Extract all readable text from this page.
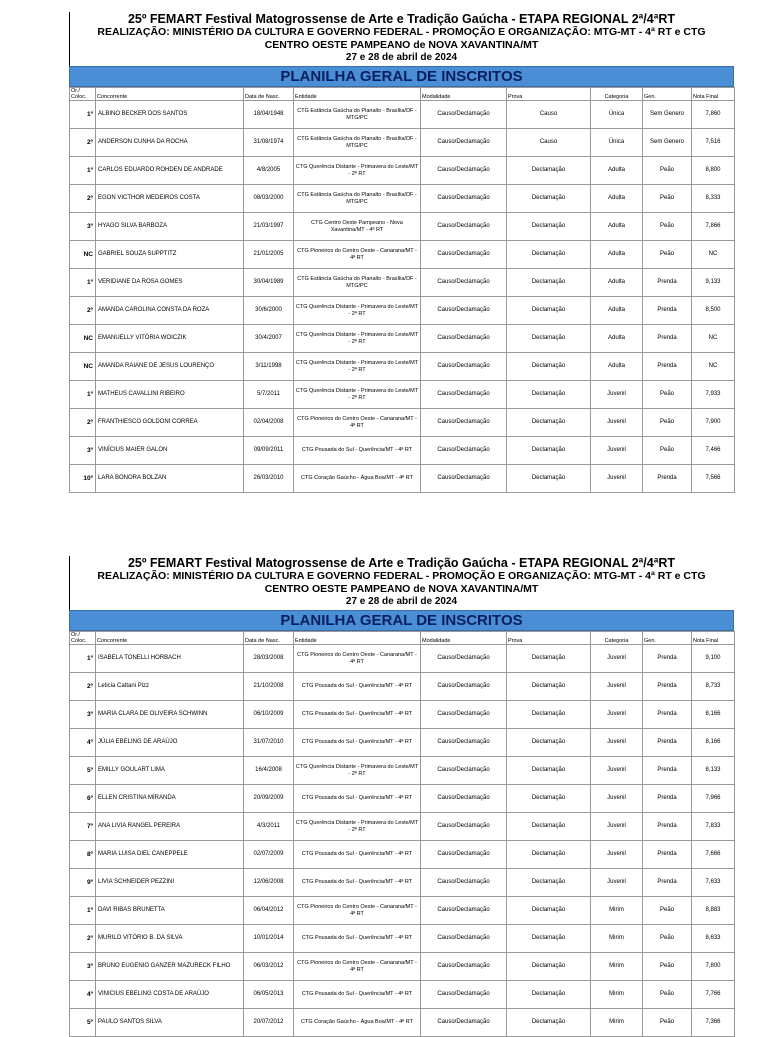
25º FEMART Festival Matogrossense de Arte e Tradição Gaúcha - ETAPA REGIONAL 2ª/4ªRT
REALIZAÇÃO: MINISTÉRIO DA CULTURA E GOVERNO FEDERAL - PROMOÇÃO E ORGANIZAÇÃO: MTG-MT - 4ª RT e CTG
CENTRO OESTE PAMPEANO de NOVA XAVANTINA/MT
27 e 28 de abril de 2024
PLANILHA GERAL DE INSCRITOS
Or./ Coloc.	Concorrente	Data de Nasc.	Entidade	Modalidade	Prova	Categoria	Gen.	Nota Final
1º	ALBINO BECKER DOS SANTOS	18/04/1948	CTG Estância Gaúcha do Planalto - Brasília/DF - MTG/PC	Causo/Declamação	Causo	Única	Sem Genero	7,860
2º	ANDERSON CUNHA DA ROCHA	31/08/1974	CTG Estância Gaúcha do Planalto - Brasília/DF - MTG/PC	Causo/Declamação	Causo	Única	Sem Genero	7,516
1º	CARLOS EDUARDO ROHDEN DE ANDRADE	4/8/2005	CTG Querência Distante - Primavera do Leste/MT - 2ª RT	Causo/Declamação	Declamação	Adulta	Peão	8,800
2º	EGON VICTHOR MEDEIROS COSTA	08/03/2000	CTG Estância Gaúcha do Planalto - Brasília/DF - MTG/PC	Causo/Declamação	Declamação	Adulta	Peão	8,333
3º	HYAGO SILVA BARBOZA	21/03/1997	CTG Centro Oeste Pampeano - Nova Xavantina/MT - 4ª RT	Causo/Declamação	Declamação	Adulta	Peão	7,866
NC	GABRIEL SOUZA SUPPTITZ	21/01/2005	CTG Pioneiros do Centro Oeste - Canarana/MT - 4ª RT	Causo/Declamação	Declamação	Adulta	Peão	NC
1º	VERIDIANE DA ROSA GOMES	30/04/1989	CTG Estância Gaúcha do Planalto - Brasília/DF - MTG/PC	Causo/Declamação	Declamação	Adulta	Prenda	9,133
2º	AMANDA CAROLINA CONSTA DA ROZA	30/6/2000	CTG Querência Distante - Primavera do Leste/MT - 2ª RT	Causo/Declamação	Declamação	Adulta	Prenda	8,500
NC	EMANUELLY VITÓRIA WOICZIK	30/4/2007	CTG Querência Distante - Primavera do Leste/MT - 2ª RT	Causo/Declamação	Declamação	Adulta	Prenda	NC
NC	AMANDA RAIANE DE JESUS LOURENÇO	3/11/1998	CTG Querência Distante - Primavera do Leste/MT - 2ª RT	Causo/Declamação	Declamação	Adulta	Prenda	NC
1º	MATHEUS CAVALLINI RIBEIRO	5/7/2011	CTG Querência Distante - Primavera do Leste/MT - 2ª RT	Causo/Declamação	Declamação	Juvenil	Peão	7,933
2º	FRANTHIESCO GOLDONI CORREA	02/04/2008	CTG Pioneiros do Centro Oeste - Canarana/MT - 4ª RT	Causo/Declamação	Declamação	Juvenil	Peão	7,900
3º	VINÍCIUS MAIER GALON	09/09/2011	CTG Pousada do Sul - Querência/MT - 4ª RT	Causo/Declamação	Declamação	Juvenil	Peão	7,466
10º	LARA BONORA BOLZAN	26/03/2010	CTG Coração Gaúcho - Água Boa/MT - 4ª RT	Causo/Declamação	Declamação	Juvenil	Prenda	7,566
25º FEMART Festival Matogrossense de Arte e Tradição Gaúcha - ETAPA REGIONAL 2ª/4ªRT
REALIZAÇÃO: MINISTÉRIO DA CULTURA E GOVERNO FEDERAL - PROMOÇÃO E ORGANIZAÇÃO: MTG-MT - 4ª RT e CTG
CENTRO OESTE PAMPEANO de NOVA XAVANTINA/MT
27 e 28 de abril de 2024
PLANILHA GERAL DE INSCRITOS
Or./ Coloc.	Concorrente	Data de Nasc.	Entidade	Modalidade	Prova	Categoria	Gen.	Nota Final
1º	ISABELA TONELLI HORBACH	28/03/2008	CTG Pioneiros do Centro Oeste - Canarana/MT - 4ª RT	Causo/Declamação	Declamação	Juvenil	Prenda	9,100
2º	Leticia Cattani Pizz	21/10/2008	CTG Pousada do Sul - Querência/MT - 4ª RT	Causo/Declamação	Declamação	Juvenil	Prenda	8,733
3º	MARIA CLARA DE OLIVEIRA SCHWINN	06/10/2009	CTG Pousada do Sul - Querência/MT - 4ª RT	Causo/Declamação	Declamação	Juvenil	Prenda	8,166
4º	JÚLIA EBELING DE ARAÚJO	31/07/2010	CTG Pousada do Sul - Querência/MT - 4ª RT	Causo/Declamação	Declamação	Juvenil	Prenda	8,166
5º	EMILLY GOULART LIMA	16/4/2008	CTG Querência Distante - Primavera do Leste/MT - 2ª RT	Causo/Declamação	Declamação	Juvenil	Prenda	8,133
6º	ELLEN CRISTINA MIRANDA	20/09/2009	CTG Pousada do Sul - Querência/MT - 4ª RT	Causo/Declamação	Declamação	Juvenil	Prenda	7,966
7º	ANA LIVIA RANGEL PEREIRA	4/3/2011	CTG Querência Distante - Primavera do Leste/MT - 2ª RT	Causo/Declamação	Declamação	Juvenil	Prenda	7,833
8º	MARIA LUISA DIEL CANEPPELE	02/07/2009	CTG Pousada do Sul - Querência/MT - 4ª RT	Causo/Declamação	Declamação	Juvenil	Prenda	7,666
9º	LIVIA SCHNEIDER PEZZINI	12/06/2008	CTG Pousada do Sul - Querência/MT - 4ª RT	Causo/Declamação	Declamação	Juvenil	Prenda	7,633
1º	DAVI RIBAS BRUNETTA	06/04/2012	CTG Pioneiros do Centro Oeste - Canarana/MT - 4ª RT	Causo/Declamação	Declamação	Mirim	Peão	8,883
2º	MURILO VITÓRIO B. DA SILVA	10/01/2014	CTG Pousada do Sul - Querência/MT - 4ª RT	Causo/Declamação	Declamação	Mirim	Peão	8,633
3º	BRUNO EUGENIO GANZER MAZURECK FILHO	06/03/2012	CTG Pioneiros do Centro Oeste - Canarana/MT - 4ª RT	Causo/Declamação	Declamação	Mirim	Peão	7,800
4º	VINICIUS EBELING COSTA DE ARAÚJO	06/05/2013	CTG Pousada do Sul - Querência/MT - 4ª RT	Causo/Declamação	Declamação	Mirim	Peão	7,766
5º	PAULO SANTOS SILVA	20/07/2012	CTG Coração Gaúcho - Água Boa/MT - 4ª RT	Causo/Declamação	Declamação	Mirim	Peão	7,366
